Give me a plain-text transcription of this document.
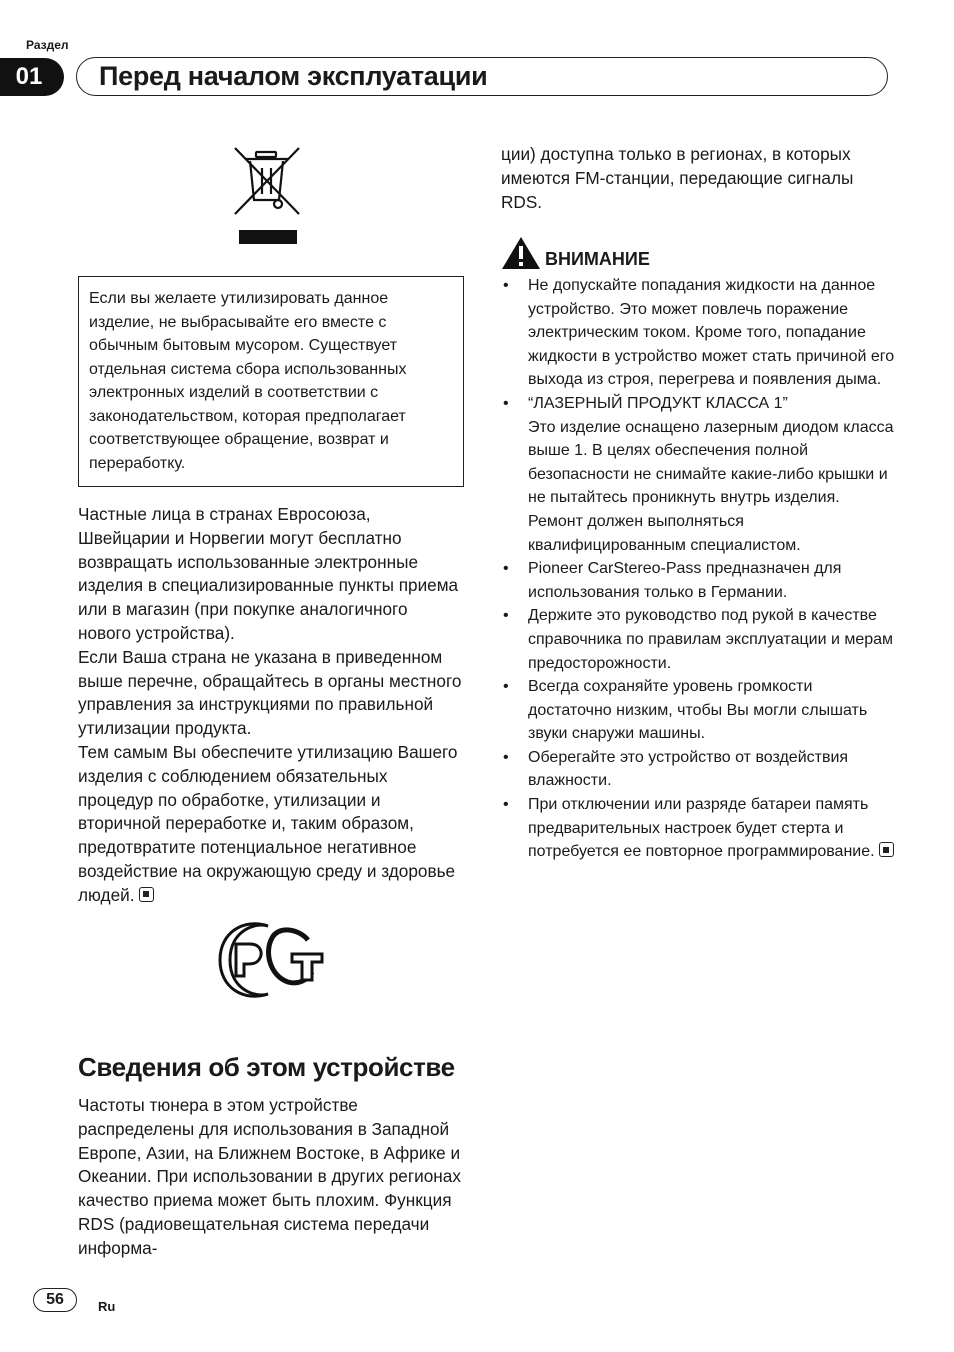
Раздел
01	Перед началом эксплуатации
Если вы желаете утилизировать данное изделие, не выбрасывайте его вместе с обычным бытовым мусором. Существует отдельная система сбора использованных электронных изделий в соответствии с законодательством, которая предполагает соответствующее обращение, возврат и переработку.

Частные лица в странах Евросоюза, Швейцарии и Норвегии могут бесплатно возвращать использованные электронные изделия в специализированные пункты приема или в магазин (при покупке аналогичного нового устройства).

Если Ваша страна не указана в приведенном выше перечне, обращайтесь в органы местного управления за инструкциями по правильной утилизации продукта.

Тем самым Вы обеспечите утилизацию Вашего изделия с соблюдением обязательных процедур по обработке, утилизации и вторичной переработке и, таким образом, предотвратите потенциальное негативное воздействие на окружающую среду и здоровье людей.

Сведения об этом устройстве

Частоты тюнера в этом устройстве распределены для использования в Западной Европе, Азии, на Ближнем Востоке, в Африке и Океании. При использовании в других регионах качество приема может быть плохим. Функция RDS (радиовещательная система передачи информа-

ции) доступна только в регионах, в которых имеются FM-станции, передающие сигналы RDS.

ВНИМАНИЕ
• Не допускайте попадания жидкости на данное устройство. Это может повлечь поражение электрическим током. Кроме того, попадание жидкости в устройство может стать причиной его выхода из строя, перегрева и появления дыма.
• “ЛАЗЕРНЫЙ ПРОДУКТ КЛАССА 1”
Это изделие оснащено лазерным диодом класса выше 1. В целях обеспечения полной безопасности не снимайте какие-либо крышки и не пытайтесь проникнуть внутрь изделия. Ремонт должен выполняться квалифицированным специалистом.
• Pioneer CarStereo-Pass предназначен для использования только в Германии.
• Держите это руководство под рукой в качестве справочника по правилам эксплуатации и мерам предосторожности.
• Всегда сохраняйте уровень громкости достаточно низким, чтобы Вы могли слышать звуки снаружи машины.
• Оберегайте это устройство от воздействия влажности.
• При отключении или разряде батареи память предварительных настроек будет стерта и потребуется ее повторное программирование.
56	Ru
